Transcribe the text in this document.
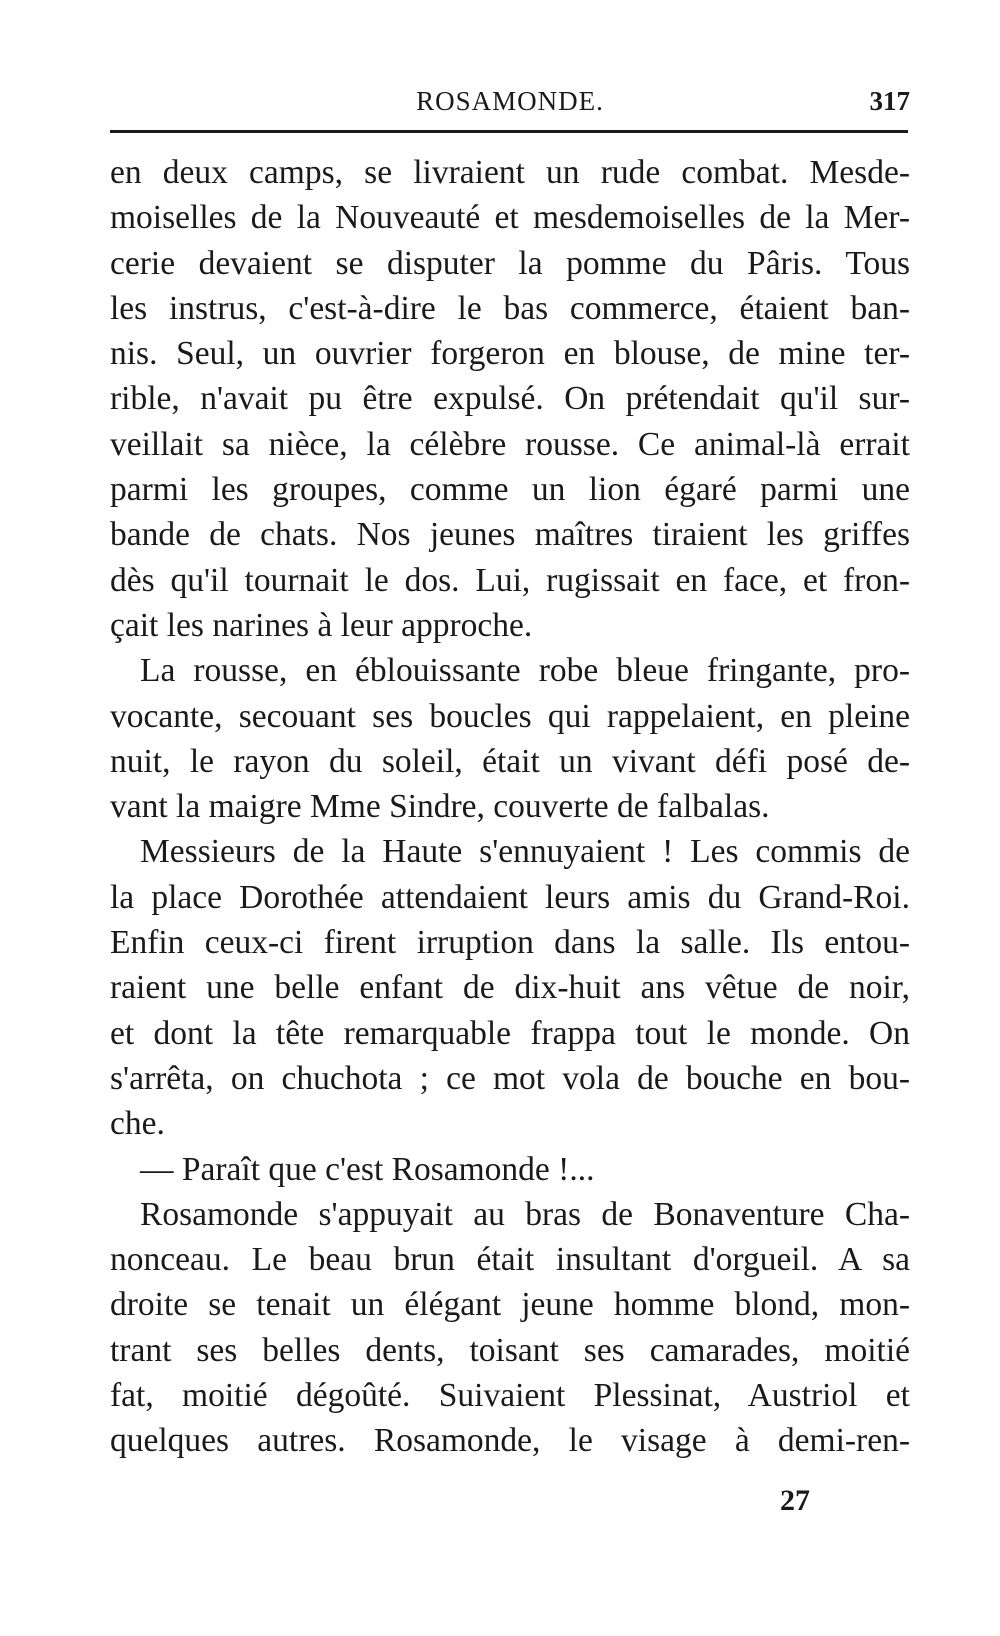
ROSAMONDE.	317
en deux camps, se livraient un rude combat. Mesde-
moiselles de la Nouveauté et mesdemoiselles de la Mer-
cerie devaient se disputer la pomme du Pâris. Tous
les instrus, c'est-à-dire le bas commerce, étaient ban-
nis. Seul, un ouvrier forgeron en blouse, de mine ter-
rible, n'avait pu être expulsé. On prétendait qu'il sur-
veillait sa nièce, la célèbre rousse. Ce animal-là errait
parmi les groupes, comme un lion égaré parmi une
bande de chats. Nos jeunes maîtres tiraient les griffes
dès qu'il tournait le dos. Lui, rugissait en face, et fron-
çait les narines à leur approche.
La rousse, en éblouissante robe bleue fringante, pro-
vocante, secouant ses boucles qui rappelaient, en pleine
nuit, le rayon du soleil, était un vivant défi posé de-
vant la maigre Mme Sindre, couverte de falbalas.
Messieurs de la Haute s'ennuyaient ! Les commis de
la place Dorothée attendaient leurs amis du Grand-Roi.
Enfin ceux-ci firent irruption dans la salle. Ils entou-
raient une belle enfant de dix-huit ans vêtue de noir,
et dont la tête remarquable frappa tout le monde. On
s'arrêta, on chuchota ; ce mot vola de bouche en bou-
che.
— Paraît que c'est Rosamonde !...
Rosamonde s'appuyait au bras de Bonaventure Cha-
nonceau. Le beau brun était insultant d'orgueil. A sa
droite se tenait un élégant jeune homme blond, mon-
trant ses belles dents, toisant ses camarades, moitié
fat, moitié dégoûté. Suivaient Plessinat, Austriol et
quelques autres. Rosamonde, le visage à demi-ren-
27
